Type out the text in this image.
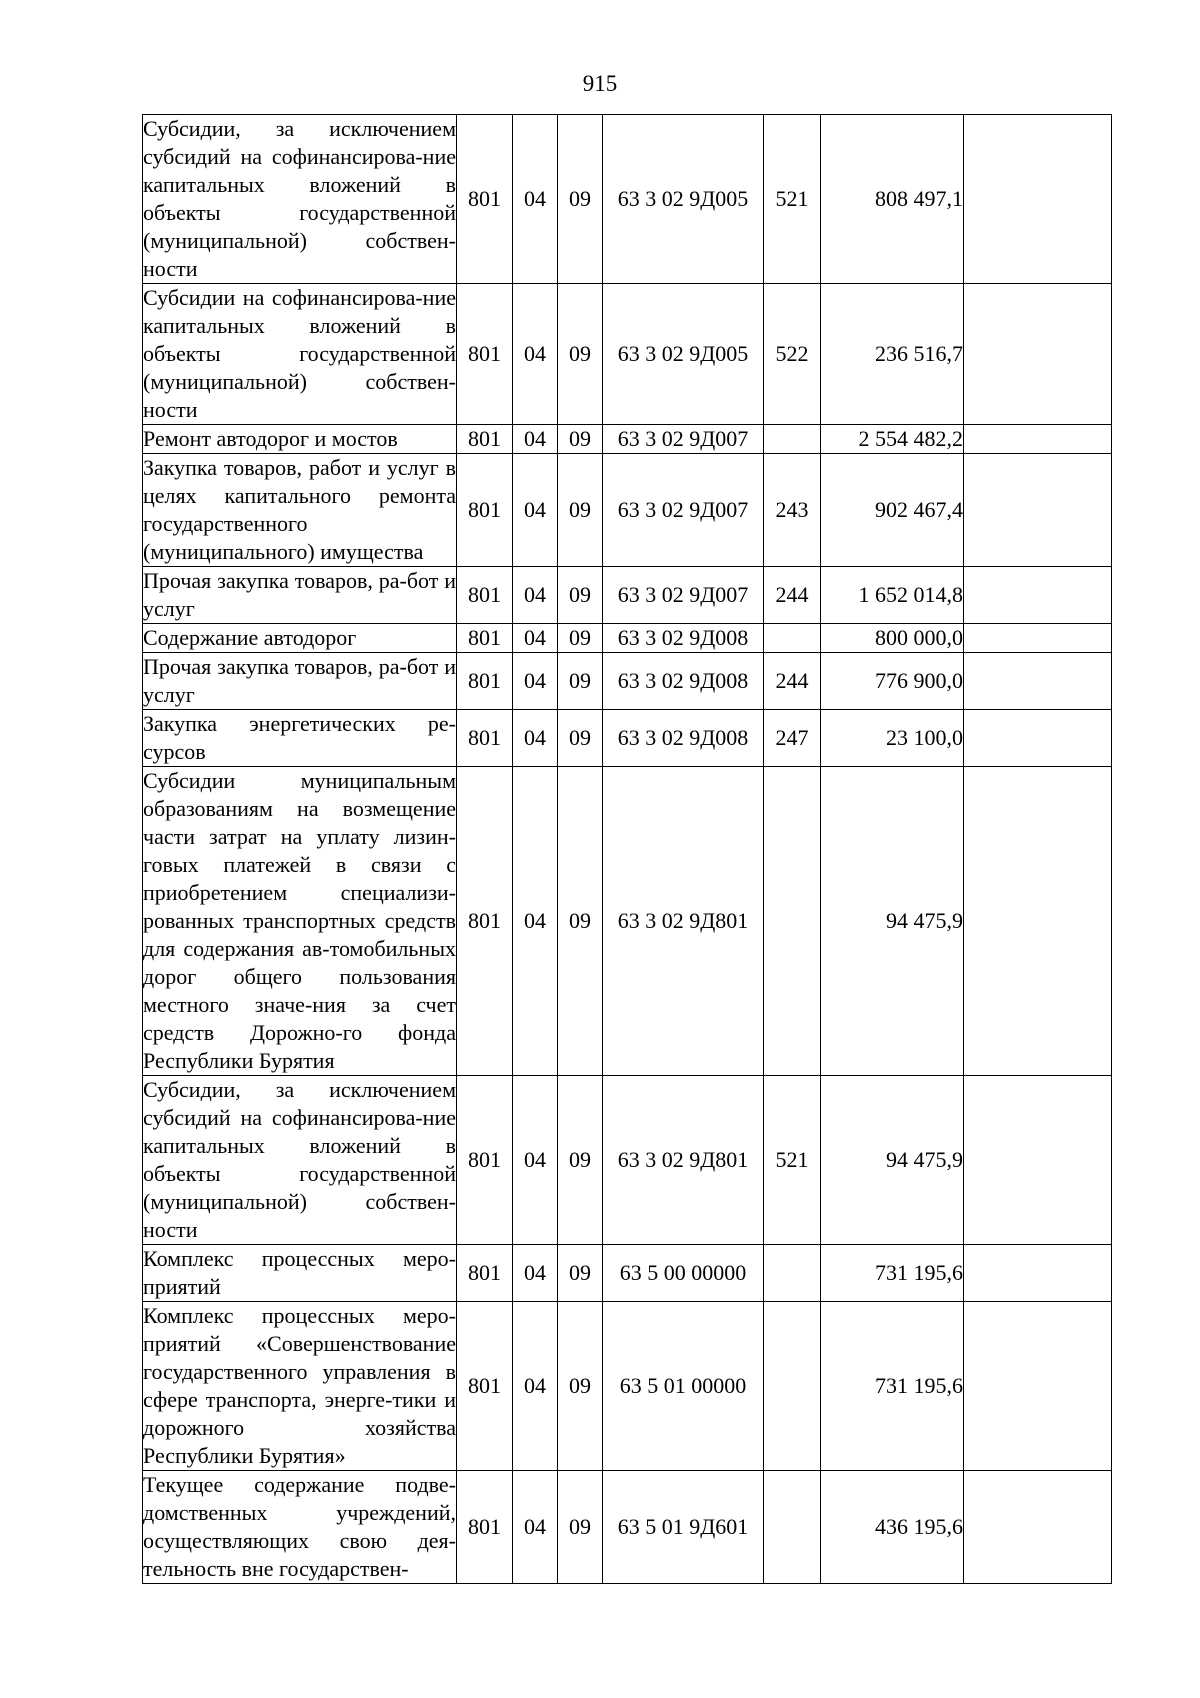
915
Субсидии, за исключением субсидий на софинансирова-ние капитальных вложений в объекты государственной (муниципальной) собствен-ности	801	04	09	63 3 02 9Д005	521	808 497,1	
Субсидии на софинансирова-ние капитальных вложений в объекты государственной (муниципальной) собствен-ности	801	04	09	63 3 02 9Д005	522	236 516,7	
Ремонт автодорог и мостов	801	04	09	63 3 02 9Д007		2 554 482,2	
Закупка товаров, работ и услуг в целях капитального ремонта государственного (муниципального) имущества	801	04	09	63 3 02 9Д007	243	902 467,4	
Прочая закупка товаров, ра-бот и услуг	801	04	09	63 3 02 9Д007	244	1 652 014,8	
Содержание автодорог	801	04	09	63 3 02 9Д008		800 000,0	
Прочая закупка товаров, ра-бот и услуг	801	04	09	63 3 02 9Д008	244	776 900,0	
Закупка энергетических ре-сурсов	801	04	09	63 3 02 9Д008	247	23 100,0	
Субсидии муниципальным образованиям на возмещение части затрат на уплату лизин-говых платежей в связи с приобретением специализи-рованных транспортных средств для содержания ав-томобильных дорог общего пользования местного значе-ния за счет средств Дорожно-го фонда Республики Бурятия	801	04	09	63 3 02 9Д801		94 475,9	
Субсидии, за исключением субсидий на софинансирова-ние капитальных вложений в объекты государственной (муниципальной) собствен-ности	801	04	09	63 3 02 9Д801	521	94 475,9	
Комплекс процессных меро-приятий	801	04	09	63 5 00 00000		731 195,6	
Комплекс процессных меро-приятий «Совершенствование государственного управления в сфере транспорта, энерге-тики и дорожного хозяйства Республики Бурятия»	801	04	09	63 5 01 00000		731 195,6	
Текущее содержание подве-домственных учреждений, осуществляющих свою дея-тельность вне государствен-	801	04	09	63 5 01 9Д601		436 195,6	
